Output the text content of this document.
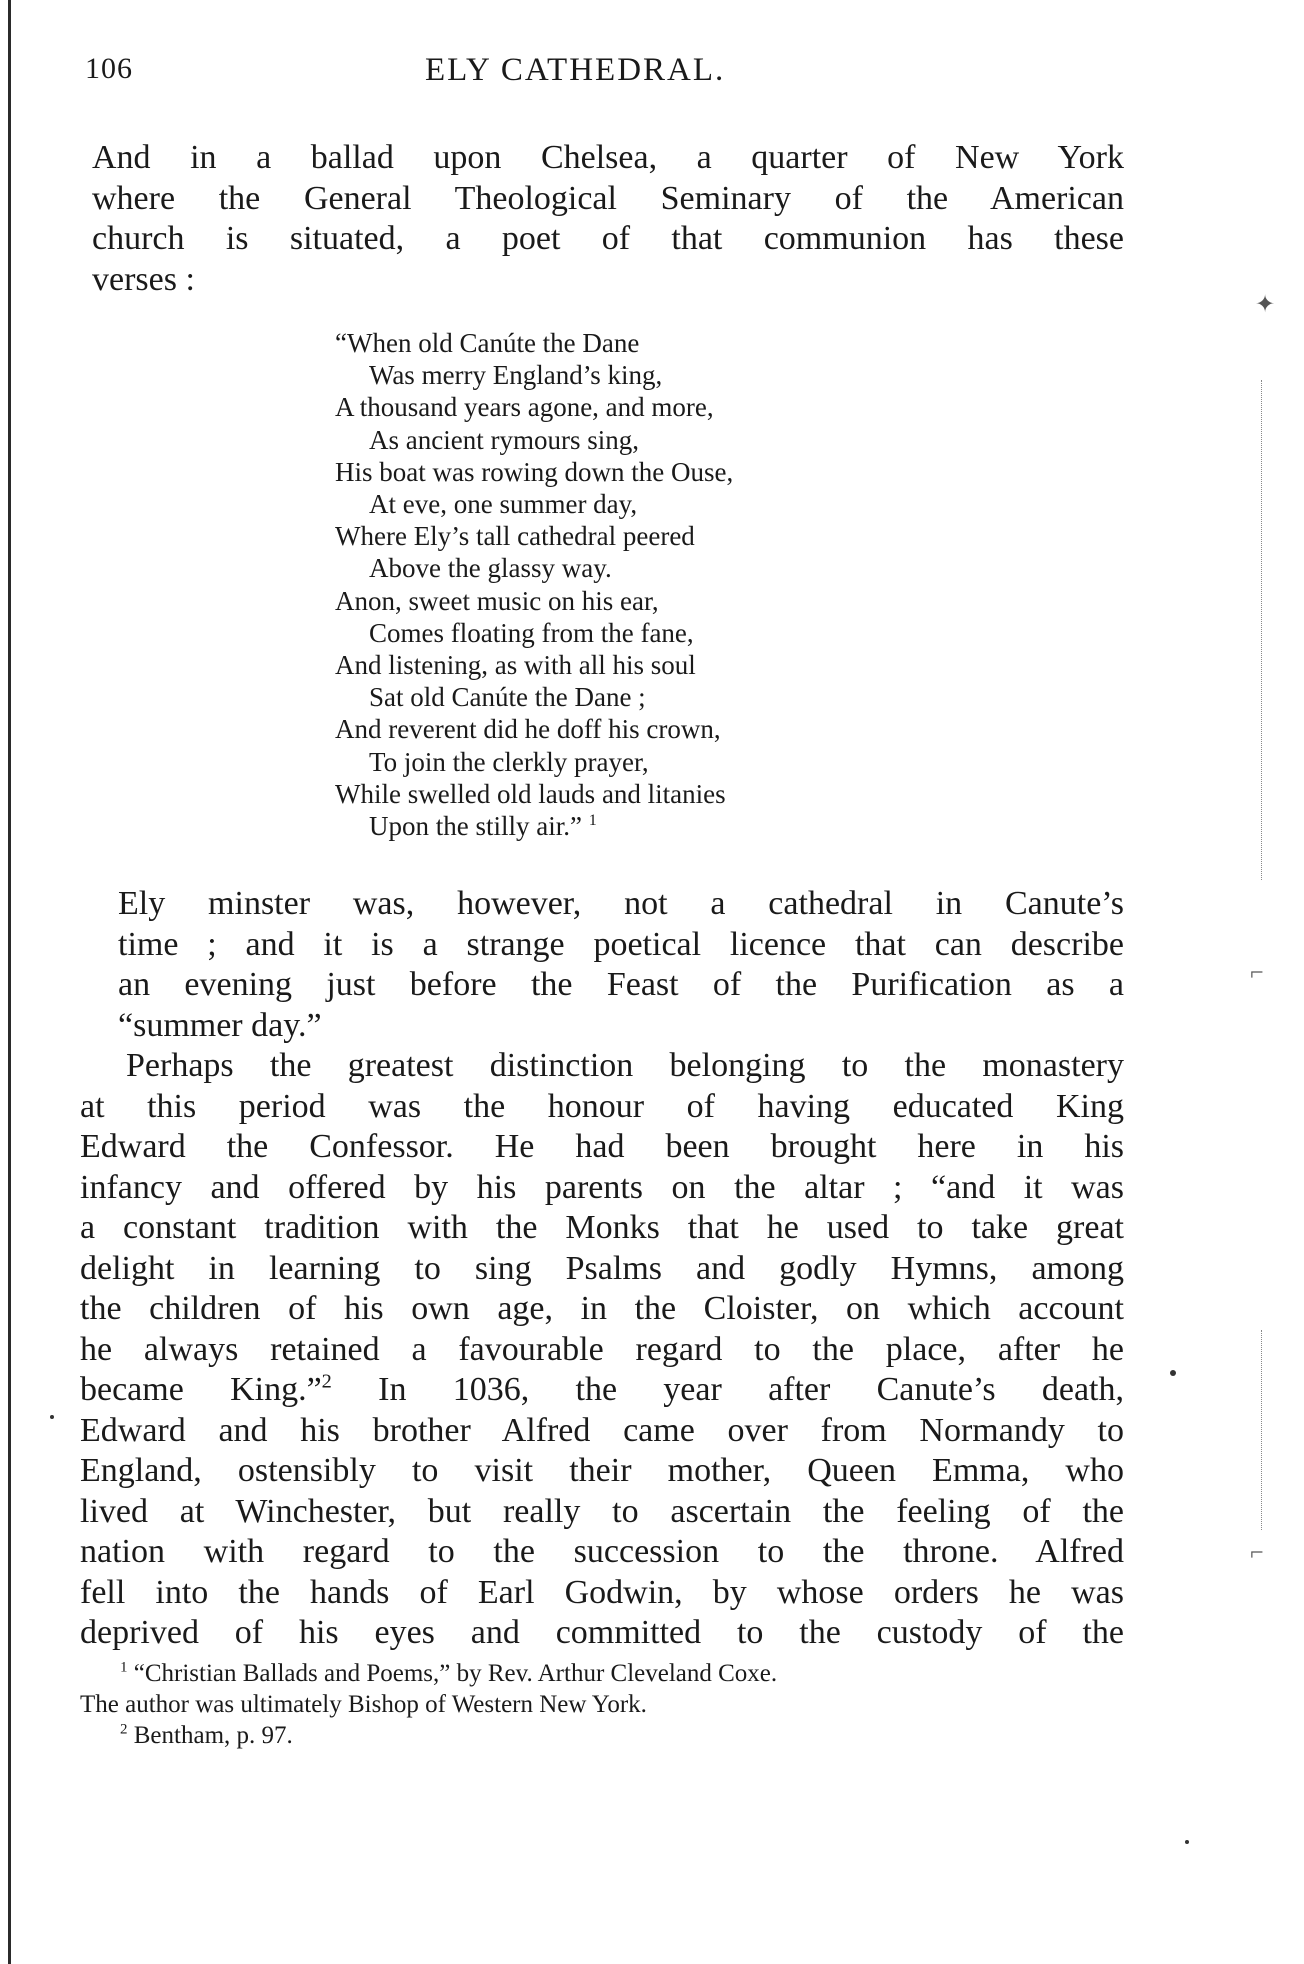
106	ELY CATHEDRAL.
And in a ballad upon Chelsea, a quarter of New York
where the General Theological Seminary of the American
church is situated, a poet of that communion has these
verses :
“When old Canúte the Dane
Was merry England’s king,
A thousand years agone, and more,
As ancient rymours sing,
His boat was rowing down the Ouse,
At eve, one summer day,
Where Ely’s tall cathedral peered
Above the glassy way.
Anon, sweet music on his ear,
Comes floating from the fane,
And listening, as with all his soul
Sat old Canúte the Dane ;
And reverent did he doff his crown,
To join the clerkly prayer,
While swelled old lauds and litanies
Upon the stilly air.” $^1$
Ely minster was, however, not a cathedral in Canute’s
time ; and it is a strange poetical licence that can describe
an evening just before the Feast of the Purification as a
“summer day.”
Perhaps the greatest distinction belonging to the monastery
at this period was the honour of having educated King
Edward the Confessor. He had been brought here in his
infancy and offered by his parents on the altar ; “and it was
a constant tradition with the Monks that he used to take great
delight in learning to sing Psalms and godly Hymns, among
the children of his own age, in the Cloister, on which account
he always retained a favourable regard to the place, after he
became King.”$^2$ In 1036, the year after Canute’s death,
Edward and his brother Alfred came over from Normandy to
England, ostensibly to visit their mother, Queen Emma, who
lived at Winchester, but really to ascertain the feeling of the
nation with regard to the succession to the throne. Alfred
fell into the hands of Earl Godwin, by whose orders he was
deprived of his eyes and committed to the custody of the
$^1$ “Christian Ballads and Poems,” by Rev. Arthur Cleveland Coxe.
The author was ultimately Bishop of Western New York.
$^2$ Bentham, p. 97.
✦
⌐
⌐
